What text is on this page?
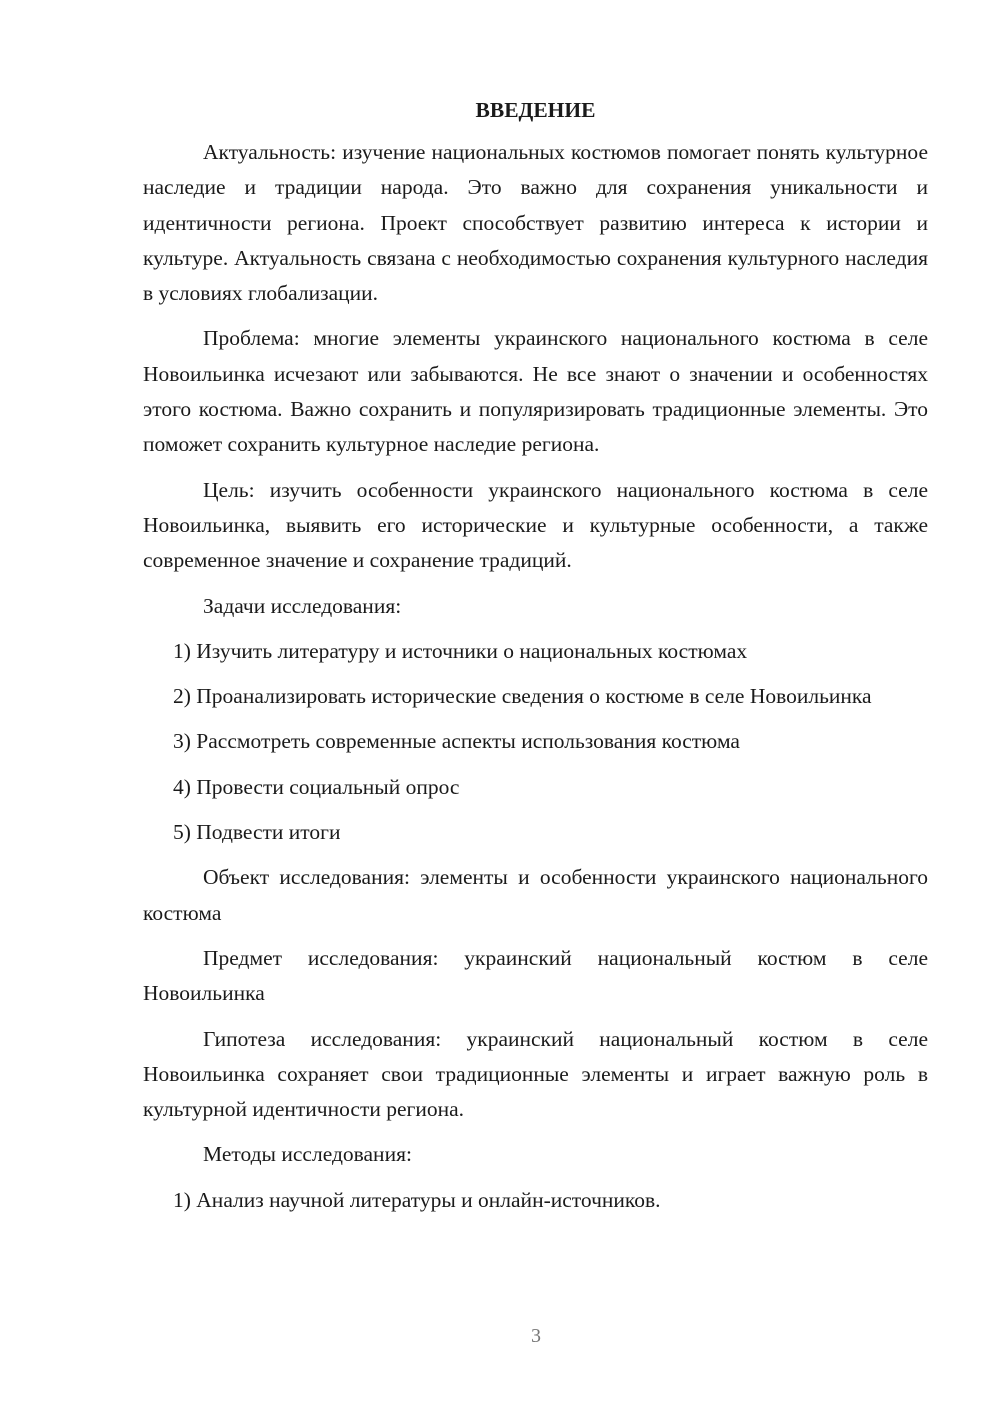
ВВЕДЕНИЕ

Актуальность: изучение национальных костюмов помогает понять культурное наследие и традиции народа. Это важно для сохранения уникальности и идентичности региона. Проект способствует развитию интереса к истории и культуре. Актуальность связана с необходимостью сохранения культурного наследия в условиях глобализации.

Проблема: многие элементы украинского национального костюма в селе Новоильинка исчезают или забываются. Не все знают о значении и особенностях этого костюма. Важно сохранить и популяризировать традиционные элементы. Это поможет сохранить культурное наследие региона.

Цель: изучить особенности украинского национального костюма в селе Новоильинка, выявить его исторические и культурные особенности, а также современное значение и сохранение традиций.

Задачи исследования:

1) Изучить литературу и источники о национальных костюмах

2) Проанализировать исторические сведения о костюме в селе Новоильинка

3) Рассмотреть современные аспекты использования костюма

4) Провести социальный опрос

5) Подвести итоги

Объект исследования: элементы и особенности украинского национального костюма

Предмет исследования: украинский национальный костюм в селе Новоильинка

Гипотеза исследования: украинский национальный костюм в селе Новоильинка сохраняет свои традиционные элементы и играет важную роль в культурной идентичности региона.

Методы исследования:

1) Анализ научной литературы и онлайн-источников.

3
